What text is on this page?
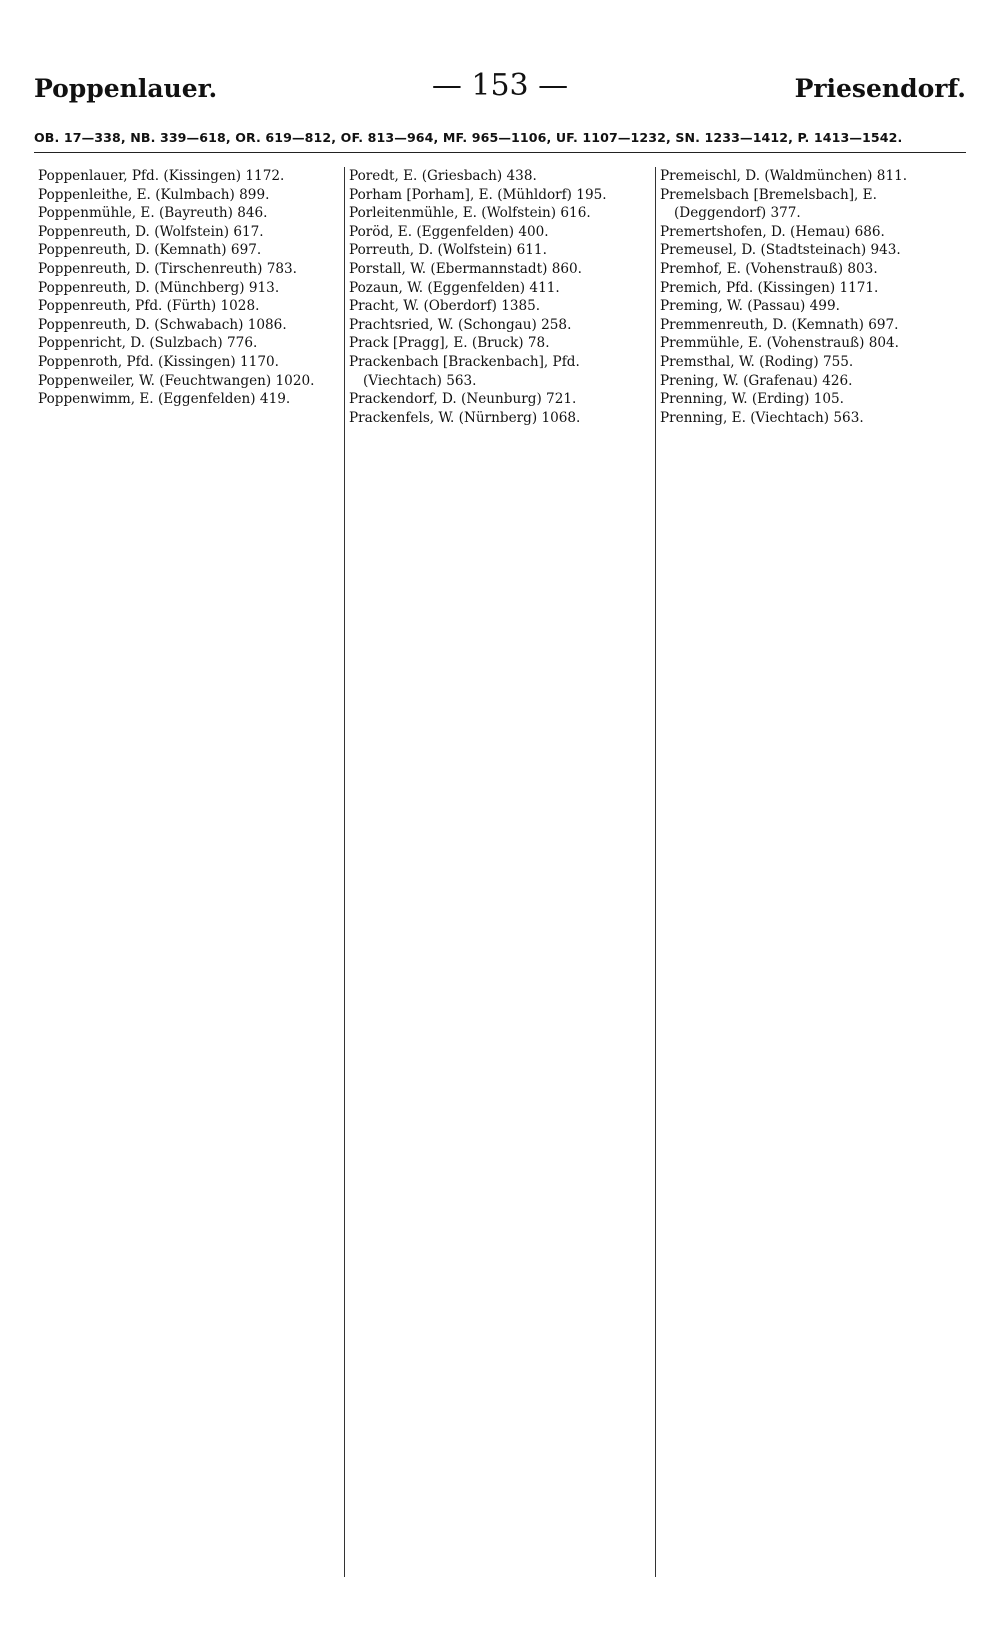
Poppenlauer.	— 153 —	Priesendorf.
OB. 17—338, NB. 339—618, OR. 619—812, OF. 813—964, MF. 965—1106, UF. 1107—1232, SN. 1233—1412, P. 1413—1542.
Poppenlauer, Pfd. (Kissingen) 1172.
Poppenleithe, E. (Kulmbach) 899.
Poppenmühle, E. (Bayreuth) 846.
Poppenreuth, D. (Wolfstein) 617.
Poppenreuth, D. (Kemnath) 697.
Poppenreuth, D. (Tirschenreuth) 783.
Poppenreuth, D. (Münchberg) 913.
Poppenreuth, Pfd. (Fürth) 1028.
Poppenreuth, D. (Schwabach) 1086.
Poppenricht, D. (Sulzbach) 776.
Poppenroth, Pfd. (Kissingen) 1170.
Poppenweiler, W. (Feuchtwangen) 1020.
Poppenwimm, E. (Eggenfelden) 419.
Poredt, E. (Griesbach) 438.
Porham [Porham], E. (Mühldorf) 195.
Porleitenmühle, E. (Wolfstein) 616.
Poröd, E. (Eggenfelden) 400.
Porreuth, D. (Wolfstein) 611.
Porstall, W. (Ebermannstadt) 860.
Pozaun, W. (Eggenfelden) 411.
Pracht, W. (Oberdorf) 1385.
Prachtsried, W. (Schongau) 258.
Prack [Pragg], E. (Bruck) 78.
Prackenbach [Brackenbach], Pfd. (Viechtach) 563.
Prackendorf, D. (Neunburg) 721.
Prackenfels, W. (Nürnberg) 1068.
Premeischl, D. (Waldmünchen) 811.
Premelsbach [Bremelsbach], E. (Deggendorf) 377.
Premertshofen, D. (Hemau) 686.
Premeusel, D. (Stadtsteinach) 943.
Premhof, E. (Vohenstrauß) 803.
Premich, Pfd. (Kissingen) 1171.
Preming, W. (Passau) 499.
Premmenreuth, D. (Kemnath) 697.
Premmühle, E. (Vohenstrauß) 804.
Premsthal, W. (Roding) 755.
Prening, W. (Grafenau) 426.
Prenning, W. (Erding) 105.
Prenning, E. (Viechtach) 563.
